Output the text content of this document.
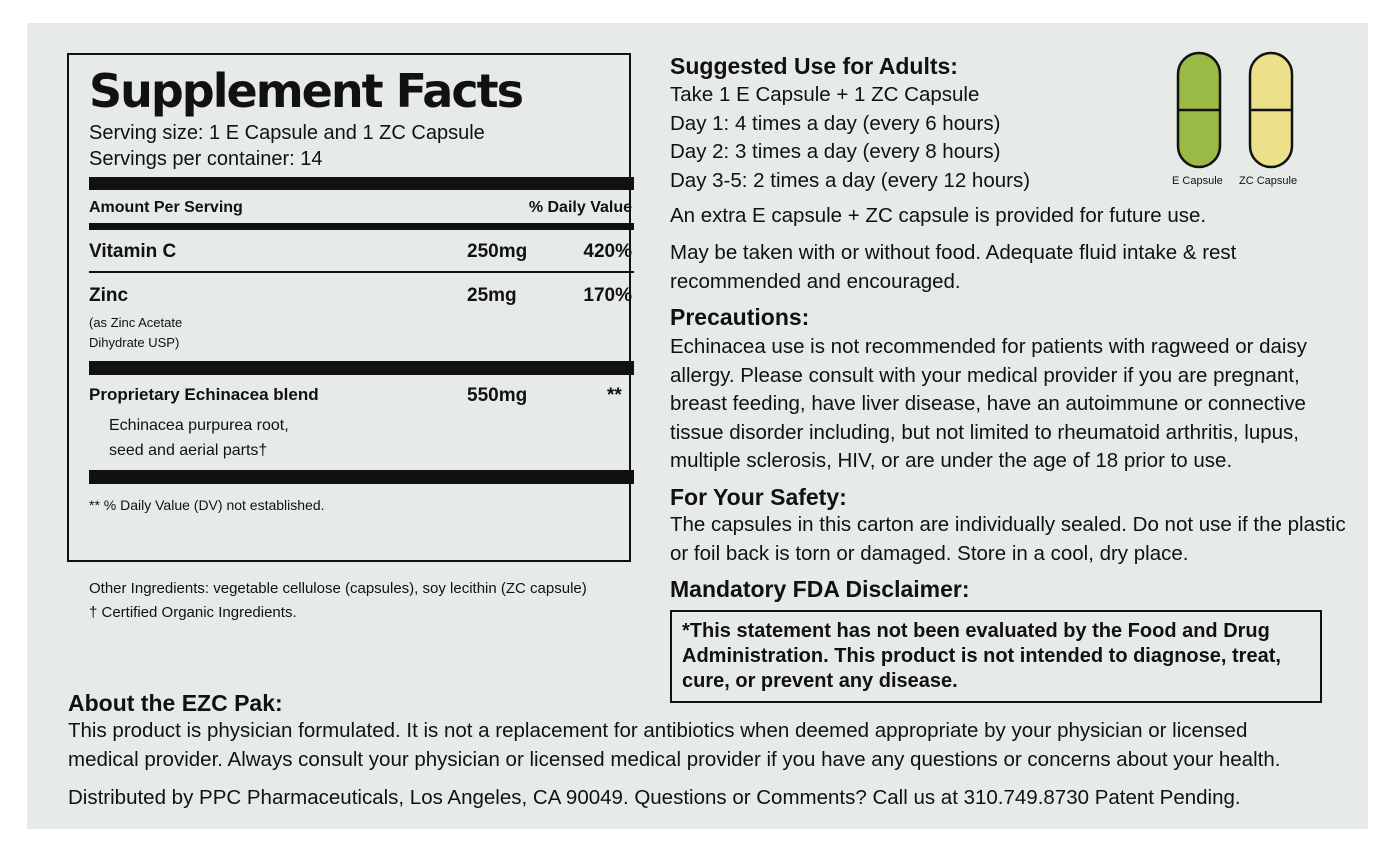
Supplement Facts
Serving size: 1 E Capsule and 1 ZC Capsule
Servings per container: 14
Amount Per Serving	% Daily Value
Vitamin C	250mg	420%
Zinc	25mg	170%
(as Zinc Acetate
Dihydrate USP)
Proprietary Echinacea blend	550mg	**
Echinacea purpurea root,
seed and aerial parts†
** % Daily Value (DV) not established.
Other Ingredients: vegetable cellulose (capsules), soy lecithin (ZC capsule)
† Certified Organic Ingredients.
Suggested Use for Adults:
Take 1 E Capsule + 1 ZC Capsule
Day 1: 4 times a day (every 6 hours)
Day 2: 3 times a day (every 8 hours)
Day 3-5: 2 times a day (every 12 hours)
An extra E capsule + ZC capsule is provided for future use.
May be taken with or without food. Adequate fluid intake & rest
recommended and encouraged.
E Capsule ZC Capsule
Precautions:
Echinacea use is not recommended for patients with ragweed or daisy
allergy. Please consult with your medical provider if you are pregnant,
breast feeding, have liver disease, have an autoimmune or connective
tissue disorder including, but not limited to rheumatoid arthritis, lupus,
multiple sclerosis, HIV, or are under the age of 18 prior to use.
For Your Safety:
The capsules in this carton are individually sealed. Do not use if the plastic
or foil back is torn or damaged. Store in a cool, dry place.
Mandatory FDA Disclaimer:
*This statement has not been evaluated by the Food and Drug
Administration. This product is not intended to diagnose, treat,
cure, or prevent any disease.
About the EZC Pak:
This product is physician formulated. It is not a replacement for antibiotics when deemed appropriate by your physician or licensed
medical provider. Always consult your physician or licensed medical provider if you have any questions or concerns about your health.
Distributed by PPC Pharmaceuticals, Los Angeles, CA 90049. Questions or Comments? Call us at 310.749.8730 Patent Pending.
